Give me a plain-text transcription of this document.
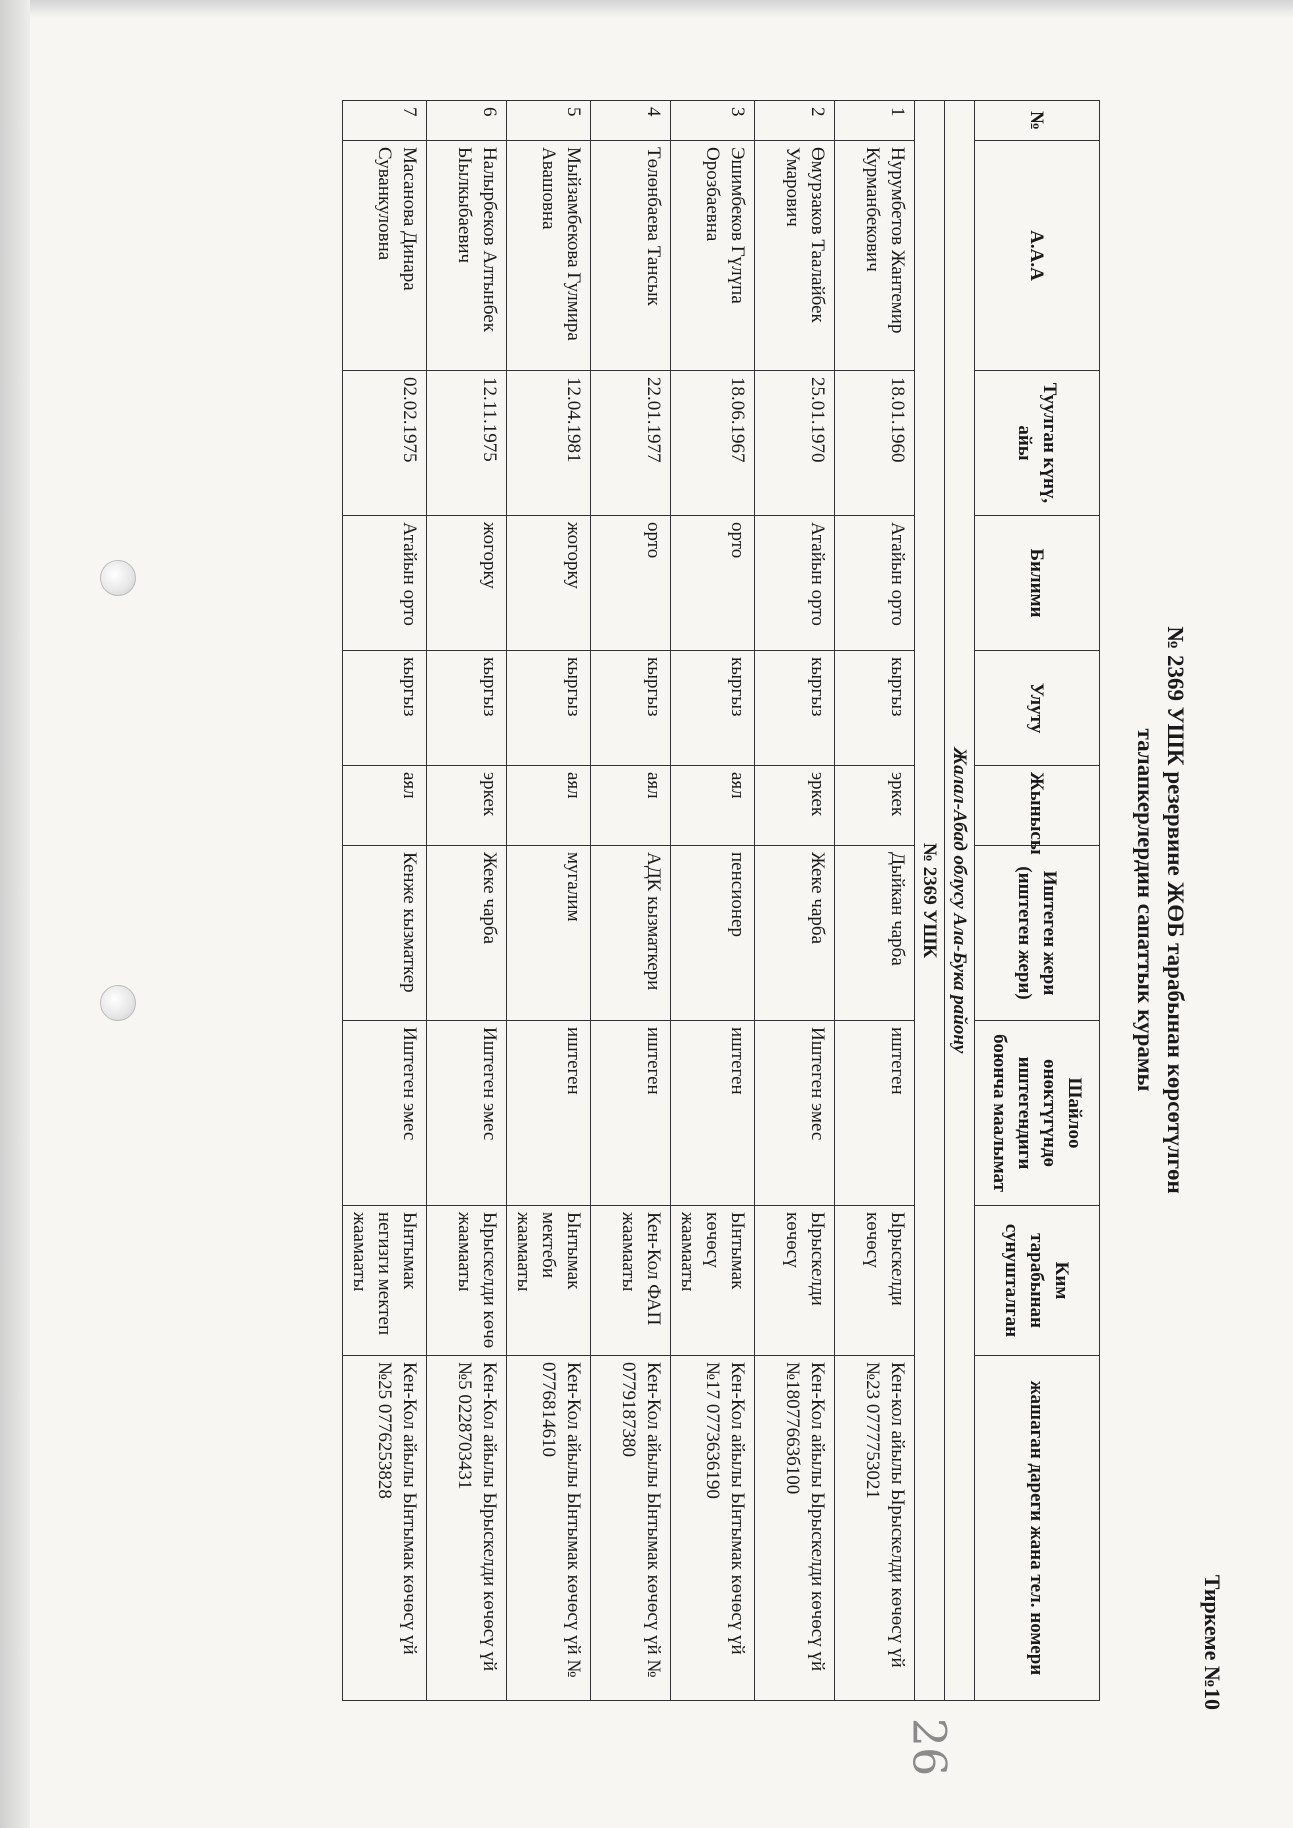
26
Тиркеме №10
№ 2369 УШК резервине ЖӨБ тарабынан көрсөтүлгөн
талапкерлердин сапаттык курамы
№	А.А.А	Туулган күнү, айы	Билими	Улуту	Жынысы	Иштеген жери (иштеген жери)	Шайлоо өнөктүгүндө иштегендиги боюнча маалымат	Ким тарабынан сунушталган	жашаган дареги жана тел. номери
Жалал-Абад облусу Ала-Бука району									
№ 2369 УШК									
1	Нурумбетов Жантемир Курманбекович	18.01.1960	Атайын орто	кыргыз	эркек	Дыйкан чарба	иштеген	Ырыскелди көчөсү	Кен-кол айылы Ырыскелди көчөсү үй №23 0777753021
2	Өмурзаков Таалайбек Умарович	25.01.1970	Атайын орто	кыргыз	эркек	Жеке чарба	Иштеген эмес	Ырыскелди көчөсү	Кен-Кол айылы Ырыскелди көчөсү үй №18077663б100
3	Эшимбеков Гүлүпа Орозбаевна	18.06.1967	орто	кыргыз	аял	пенсионер	иштеген	Ынтымак көчөсү жаамааты	Кен-Кол айылы Ынтымак көчөсү үй №17 0773636190
4	Төлөнбаева Тансык	22.01.1977	орто	кыргыз	аял	АДК кызматкери	иштеген	Кен-Кол ФАП жаамааты	Кен-Кол айылы Ынтымак көчөсү үй № 0779187380
5	Мыйзамбекова Гулмира Авашовна	12.04.1981	жогорку	кыргыз	аял	мугалим	иштеген	Ынтымак мектеби жаамааты	Кен-Кол айылы Ынтымак көчөсү үй № 0776814610
6	Налырбеков Алтынбек Ыылкыбаевич	12.11.1975	жогорку	кыргыз	эркек	Жеке чарба	Иштеген эмес	Ырыскелди көчө жаамааты	Кен-Кол айылы Ырыскелди көчөсү үй №5 0228703431
7	Масанова Динара Суванкуловна	02.02.1975	Атайын орто	кыргыз	аял	Кенже кызматкер	Иштеген эмес	Ынтымак негизги мектеп жаамааты	Кен-Кол айылы Ынтымак көчөсү үй №25 0776253828
